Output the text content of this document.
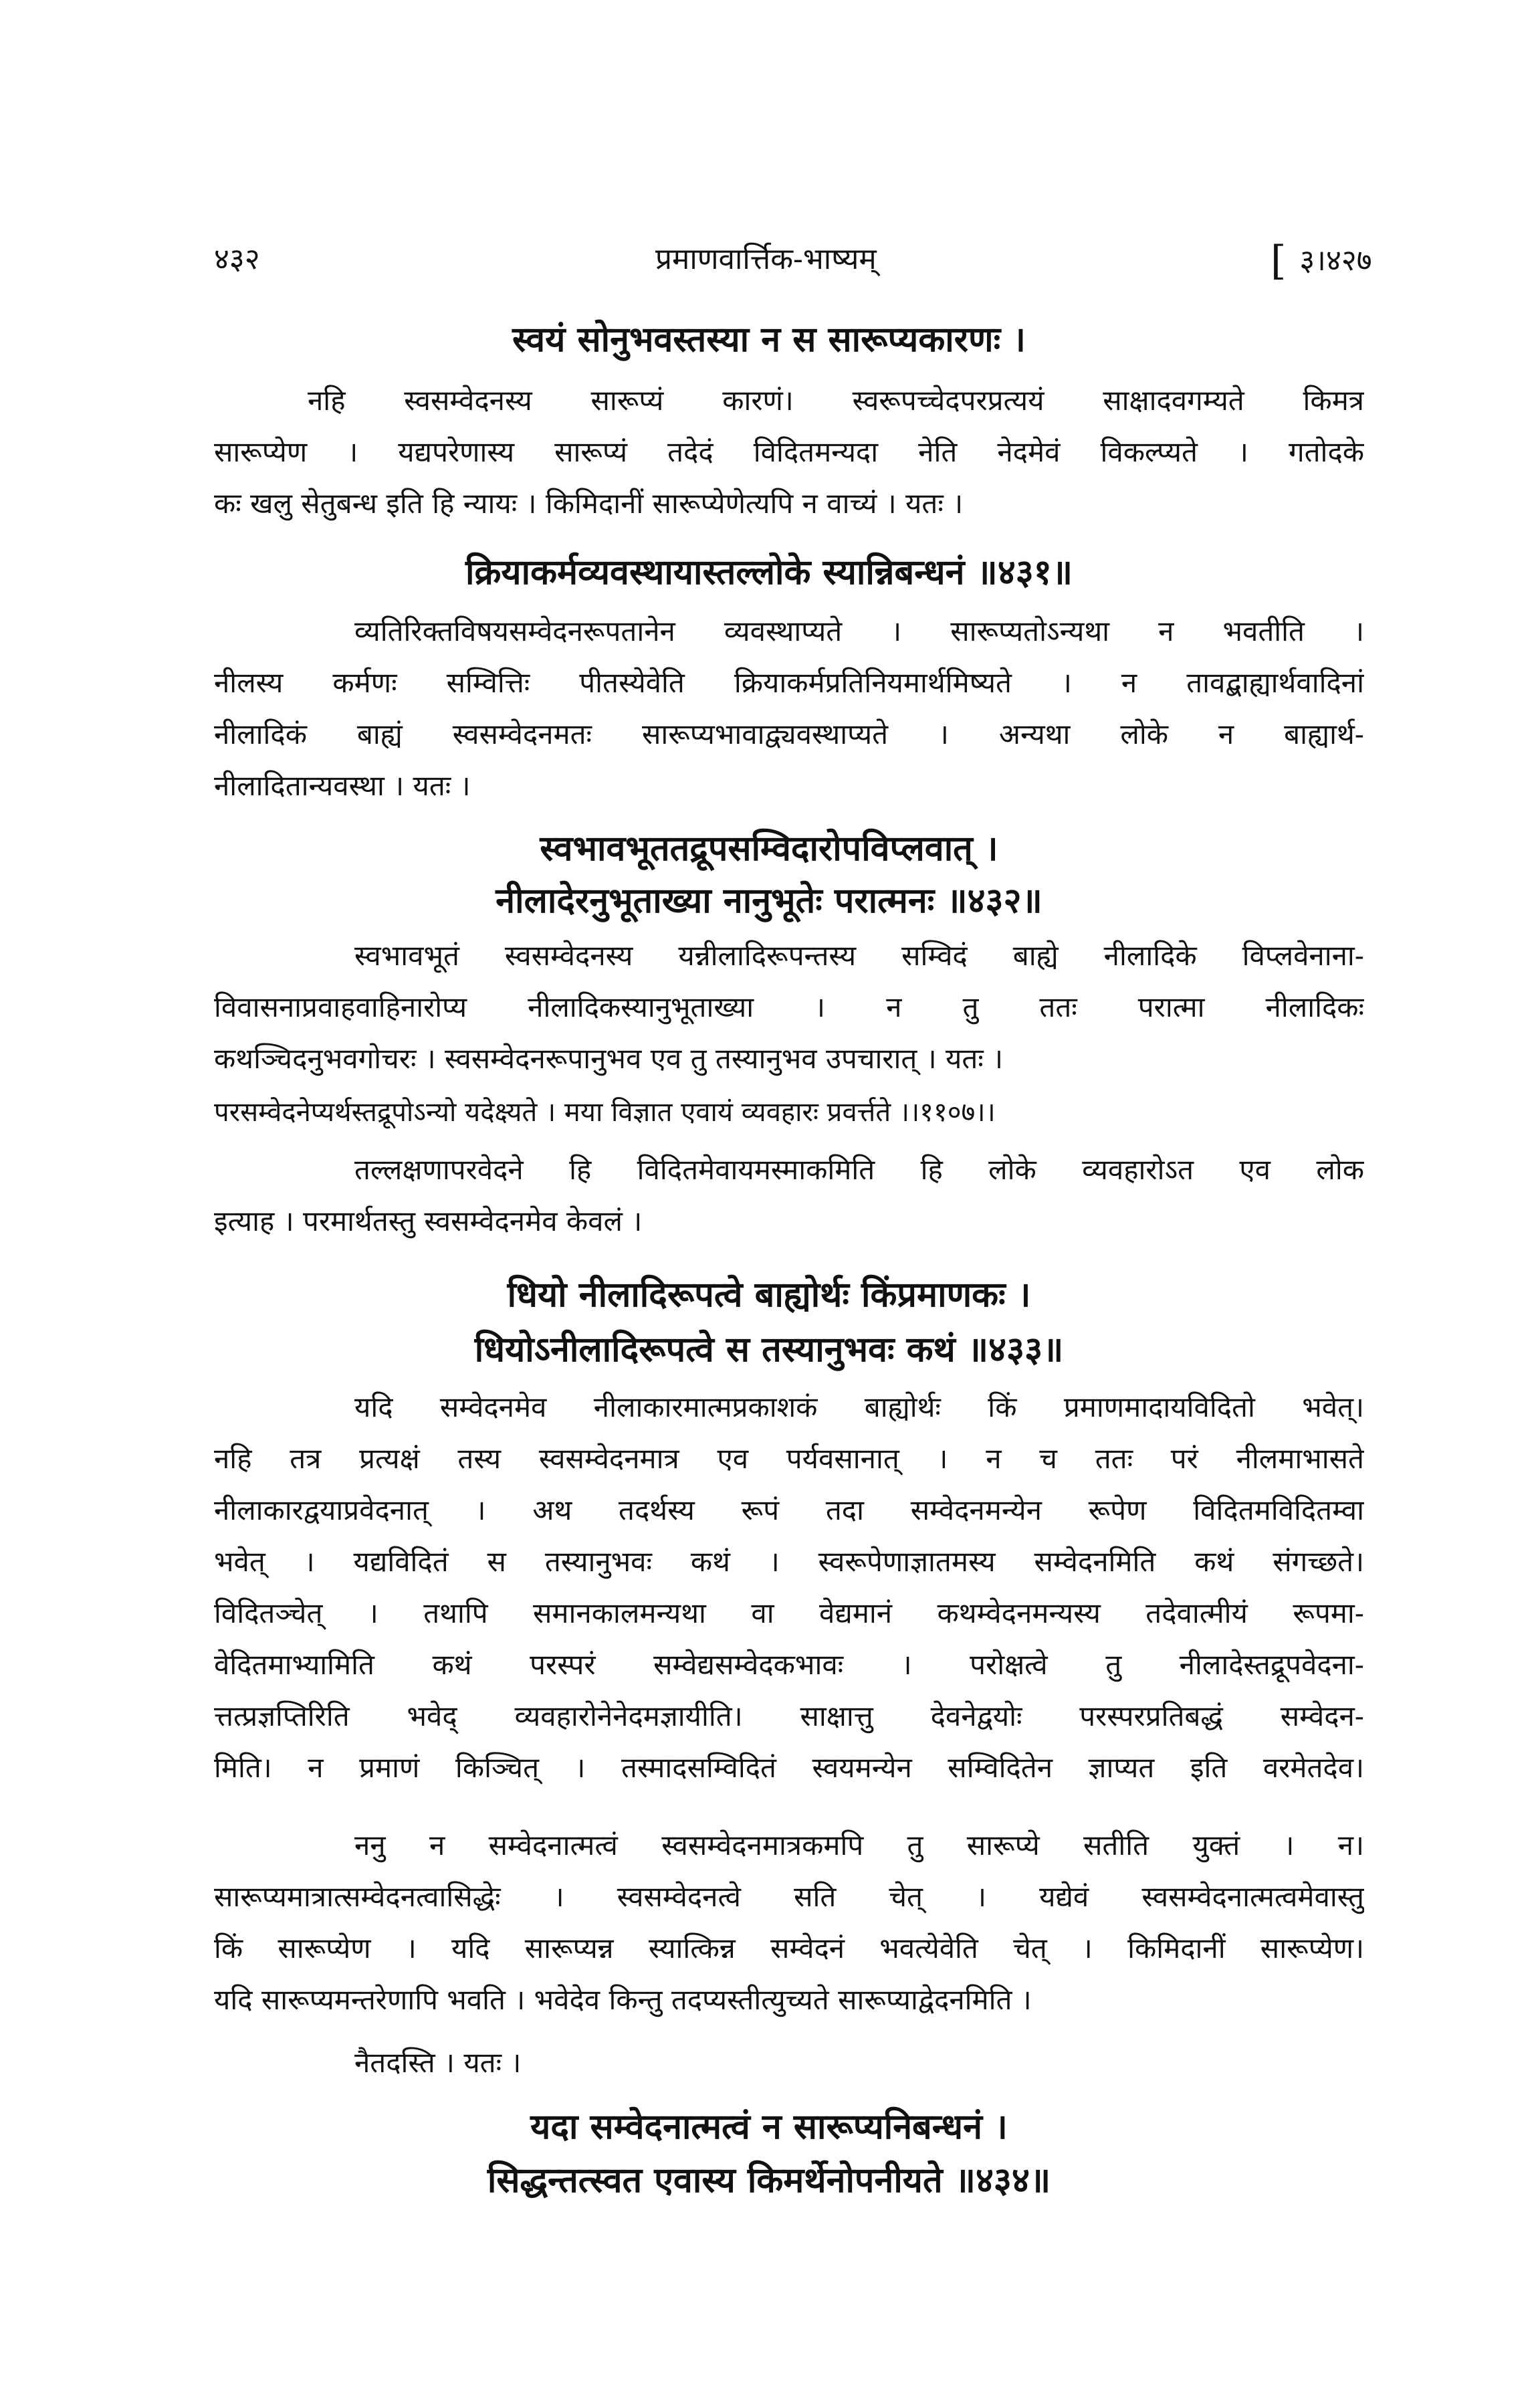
४३२	प्रमाणवार्त्तिक-भाष्यम्	[ ३।४२७
स्वयं सोनुभवस्तस्या न स सारूप्यकारणः ।
नहि स्वसम्वेदनस्य सारूप्यं कारणं। स्वरूपच्चेदपरप्रत्ययं साक्षादवगम्यते किमत्र
सारूप्येण । यद्यपरेणास्य सारूप्यं तदेदं विदितमन्यदा नेति नेदमेवं विकल्प्यते । गतोदके
कः खलु सेतुबन्ध इति हि न्यायः । किमिदानीं सारूप्येणेत्यपि न वाच्यं । यतः ।
क्रियाकर्मव्यवस्थायास्तल्लोके स्यान्निबन्धनं ॥४३१॥
व्यतिरिक्तविषयसम्वेदनरूपतानेन व्यवस्थाप्यते । सारूप्यतोऽन्यथा न भवतीति ।
नीलस्य कर्मणः सम्वित्तिः पीतस्येवेति क्रियाकर्मप्रतिनियमार्थमिष्यते । न तावद्बाह्यार्थवादिनां
नीलादिकं बाह्यं स्वसम्वेदनमतः सारूप्यभावाद्व्यवस्थाप्यते । अन्यथा लोके न बाह्यार्थ-
नीलादितान्यवस्था । यतः ।
स्वभावभूततद्रूपसम्विदारोपविप्लवात् ।
नीलादेरनुभूताख्या नानुभूतेः परात्मनः ॥४३२॥
स्वभावभूतं स्वसम्वेदनस्य यन्नीलादिरूपन्तस्य सम्विदं बाह्ये नीलादिके विप्लवेनाना-
विवासनाप्रवाहवाहिनारोप्य नीलादिकस्यानुभूताख्या । न तु ततः परात्मा नीलादिकः
कथञ्चिदनुभवगोचरः । स्वसम्वेदनरूपानुभव एव तु तस्यानुभव उपचारात् । यतः ।
परसम्वेदनेप्यर्थस्तद्रूपोऽन्यो यदेक्ष्यते । मया विज्ञात एवायं व्यवहारः प्रवर्त्तते ।।११०७।।
तल्लक्षणापरवेदने हि विदितमेवायमस्माकमिति हि लोके व्यवहारोऽत एव लोक
इत्याह । परमार्थतस्तु स्वसम्वेदनमेव केवलं ।
धियो नीलादिरूपत्वे बाह्योर्थः किंप्रमाणकः ।
धियोऽनीलादिरूपत्वे स तस्यानुभवः कथं ॥४३३॥
यदि सम्वेदनमेव नीलाकारमात्मप्रकाशकं बाह्योर्थः किं प्रमाणमादायविदितो भवेत्।
नहि तत्र प्रत्यक्षं तस्य स्वसम्वेदनमात्र एव पर्यवसानात् । न च ततः परं नीलमाभासते
नीलाकारद्वयाप्रवेदनात् । अथ तदर्थस्य रूपं तदा सम्वेदनमन्येन रूपेण विदितमविदितम्वा
भवेत् । यद्यविदितं स तस्यानुभवः कथं । स्वरूपेणाज्ञातमस्य सम्वेदनमिति कथं संगच्छते।
विदितञ्चेत् । तथापि समानकालमन्यथा वा वेद्यमानं कथम्वेदनमन्यस्य तदेवात्मीयं रूपमा-
वेदितमाभ्यामिति कथं परस्परं सम्वेद्यसम्वेदकभावः । परोक्षत्वे तु नीलादेस्तद्रूपवेदना-
त्तत्प्रज्ञप्तिरिति भवेद् व्यवहारोनेनेदमज्ञायीति। साक्षात्तु देवनेद्वयोः परस्परप्रतिबद्धं सम्वेदन-
मिति। न प्रमाणं किञ्चित् । तस्मादसम्विदितं स्वयमन्येन सम्विदितेन ज्ञाप्यत इति वरमेतदेव।
ननु न सम्वेदनात्मत्वं स्वसम्वेदनमात्रकमपि तु सारूप्ये सतीति युक्तं । न।
सारूप्यमात्रात्सम्वेदनत्वासिद्धेः । स्वसम्वेदनत्वे सति चेत् । यद्येवं स्वसम्वेदनात्मत्वमेवास्तु
किं सारूप्येण । यदि सारूप्यन्न स्यात्किन्न सम्वेदनं भवत्येवेति चेत् । किमिदानीं सारूप्येण।
यदि सारूप्यमन्तरेणापि भवति । भवेदेव किन्तु तदप्यस्तीत्युच्यते सारूप्याद्वेदनमिति ।
नैतदस्ति । यतः ।
यदा सम्वेदनात्मत्वं न सारूप्यनिबन्धनं ।
सिद्धन्तत्स्वत एवास्य किमर्थेनोपनीयते ॥४३४॥
